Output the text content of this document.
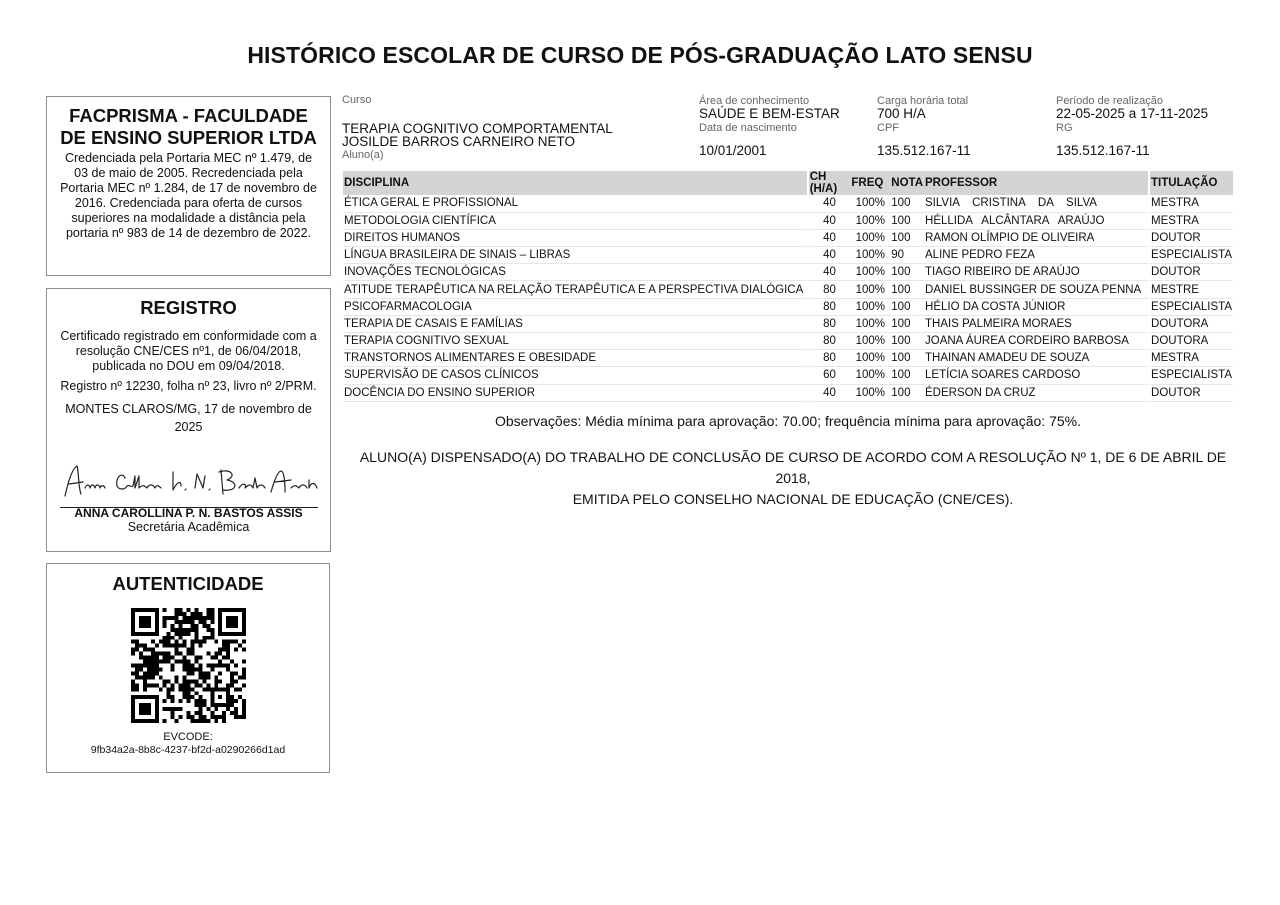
HISTÓRICO ESCOLAR DE CURSO DE PÓS-GRADUAÇÃO LATO SENSU
FACPRISMA - FACULDADE DE ENSINO SUPERIOR LTDA
Credenciada pela Portaria MEC nº 1.479, de 03 de maio de 2005. Recredenciada pela Portaria MEC nº 1.284, de 17 de novembro de 2016. Credenciada para oferta de cursos superiores na modalidade a distância pela portaria nº 983 de 14 de dezembro de 2022.
REGISTRO
Certificado registrado em conformidade com a resolução CNE/CES nº1, de 06/04/2018, publicada no DOU em 09/04/2018.
Registro nº 12230, folha nº 23, livro nº 2/PRM.
MONTES CLAROS/MG, 17 de novembro de 2025
ANNA CAROLLINA P. N. BASTOS ASSIS
Secretária Acadêmica
AUTENTICIDADE
EVCODE:
9fb34a2a-8b8c-4237-bf2d-a0290266d1ad
Curso
TERAPIA COGNITIVO COMPORTAMENTAL
JOSILDE BARROS CARNEIRO NETO
Aluno(a)
Área de conhecimento
SAÚDE E BEM-ESTAR
Data de nascimento
10/01/2001
Carga horária total
700 H/A
CPF
135.512.167-11
Período de realização
22-05-2025 a 17-11-2025
RG
135.512.167-11
DISCIPLINA	CH (H/A)	FREQ	NOTA	PROFESSOR	TITULAÇÃO
ÉTICA GERAL E PROFISSIONAL	40	100%	100	SILVIA    CRISTINA    DA    SILVA	MESTRA
METODOLOGIA CIENTÍFICA	40	100%	100	HÉLLIDA   ALCÂNTARA   ARAÚJO	MESTRA
DIREITOS HUMANOS	40	100%	100	RAMON OLÍMPIO DE OLIVEIRA	DOUTOR
LÍNGUA BRASILEIRA DE SINAIS – LIBRAS	40	100%	90	ALINE PEDRO FEZA	ESPECIALISTA
INOVAÇÕES TECNOLÓGICAS	40	100%	100	TIAGO RIBEIRO DE ARAÚJO	DOUTOR
ATITUDE TERAPÊUTICA NA RELAÇÃO TERAPÊUTICA E A PERSPECTIVA DIALÓGICA	80	100%	100	DANIEL BUSSINGER DE SOUZA PENNA	MESTRE
PSICOFARMACOLOGIA	80	100%	100	HÉLIO DA COSTA JÚNIOR	ESPECIALISTA
TERAPIA DE CASAIS E FAMÍLIAS	80	100%	100	THAIS PALMEIRA MORAES	DOUTORA
TERAPIA COGNITIVO SEXUAL	80	100%	100	JOANA ÁUREA CORDEIRO BARBOSA	DOUTORA
TRANSTORNOS ALIMENTARES E OBESIDADE	80	100%	100	THAINAN AMADEU DE SOUZA	MESTRA
SUPERVISÃO DE CASOS CLÍNICOS	60	100%	100	LETÍCIA SOARES CARDOSO	ESPECIALISTA
DOCÊNCIA DO ENSINO SUPERIOR	40	100%	100	ÉDERSON DA CRUZ	DOUTOR
Observações: Média mínima para aprovação: 70.00; frequência mínima para aprovação: 75%.
ALUNO(A) DISPENSADO(A) DO TRABALHO DE CONCLUSÃO DE CURSO DE ACORDO COM A RESOLUÇÃO Nº 1, DE 6 DE ABRIL DE 2018,
EMITIDA PELO CONSELHO NACIONAL DE EDUCAÇÃO (CNE/CES).
